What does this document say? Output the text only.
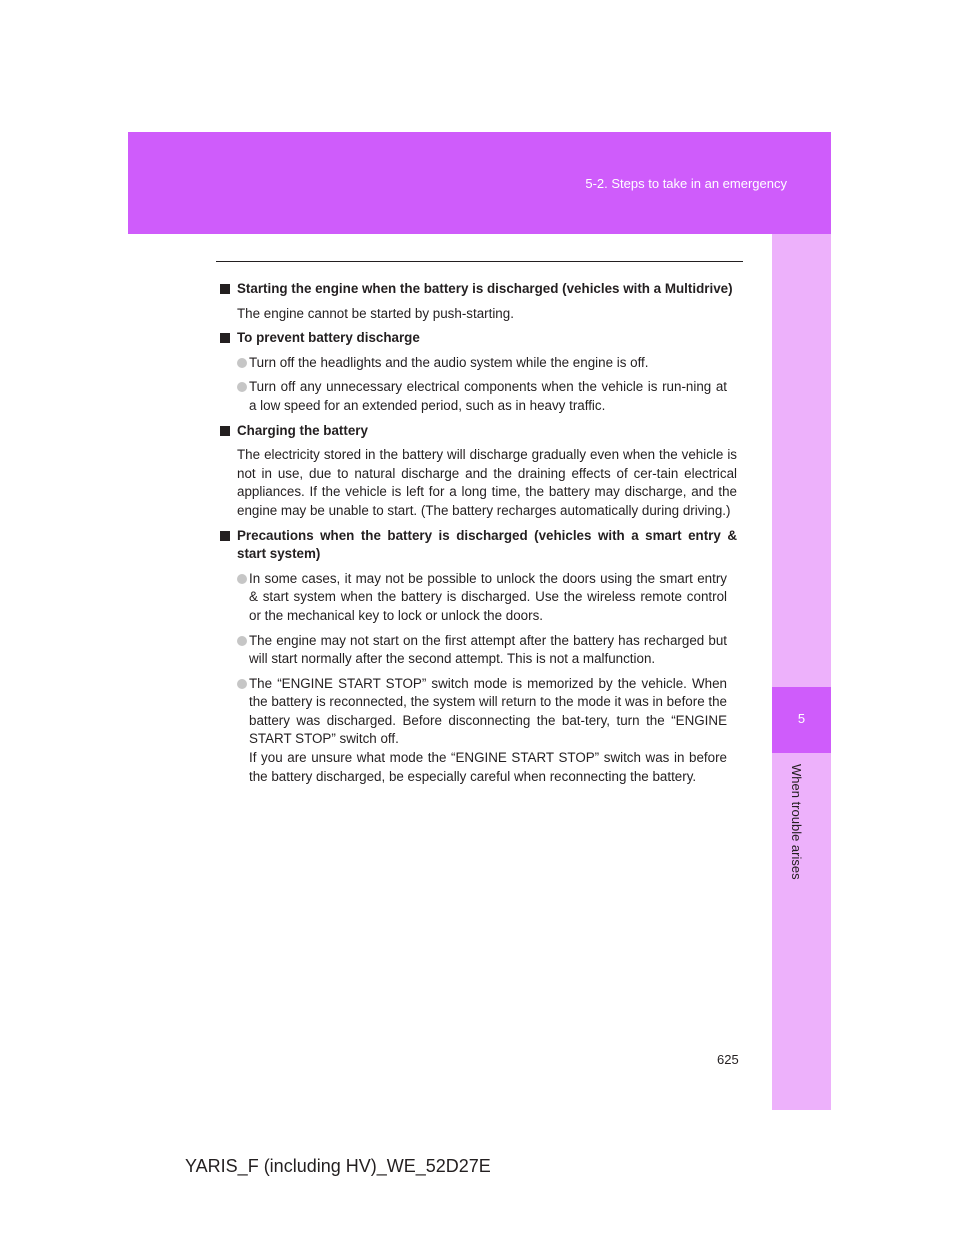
5-2. Steps to take in an emergency
5
When trouble arises

Starting the engine when the battery is discharged (vehicles with a Multidrive)

The engine cannot be started by push-starting.

To prevent battery discharge

Turn off the headlights and the audio system while the engine is off.
Turn off any unnecessary electrical components when the vehicle is run-ning at a low speed for an extended period, such as in heavy traffic.

Charging the battery

The electricity stored in the battery will discharge gradually even when the vehicle is not in use, due to natural discharge and the draining effects of cer-tain electrical appliances. If the vehicle is left for a long time, the battery may discharge, and the engine may be unable to start. (The battery recharges automatically during driving.)

Precautions when the battery is discharged (vehicles with a smart entry & start system)

In some cases, it may not be possible to unlock the doors using the smart entry & start system when the battery is discharged. Use the wireless remote control or the mechanical key to lock or unlock the doors.
The engine may not start on the first attempt after the battery has recharged but will start normally after the second attempt. This is not a malfunction.
The “ENGINE START STOP” switch mode is memorized by the vehicle. When the battery is reconnected, the system will return to the mode it was in before the battery was discharged. Before disconnecting the bat-tery, turn the “ENGINE START STOP” switch off.
If you are unsure what mode the “ENGINE START STOP” switch was in before the battery discharged, be especially careful when reconnecting the battery.
625
YARIS_F (including HV)_WE_52D27E
